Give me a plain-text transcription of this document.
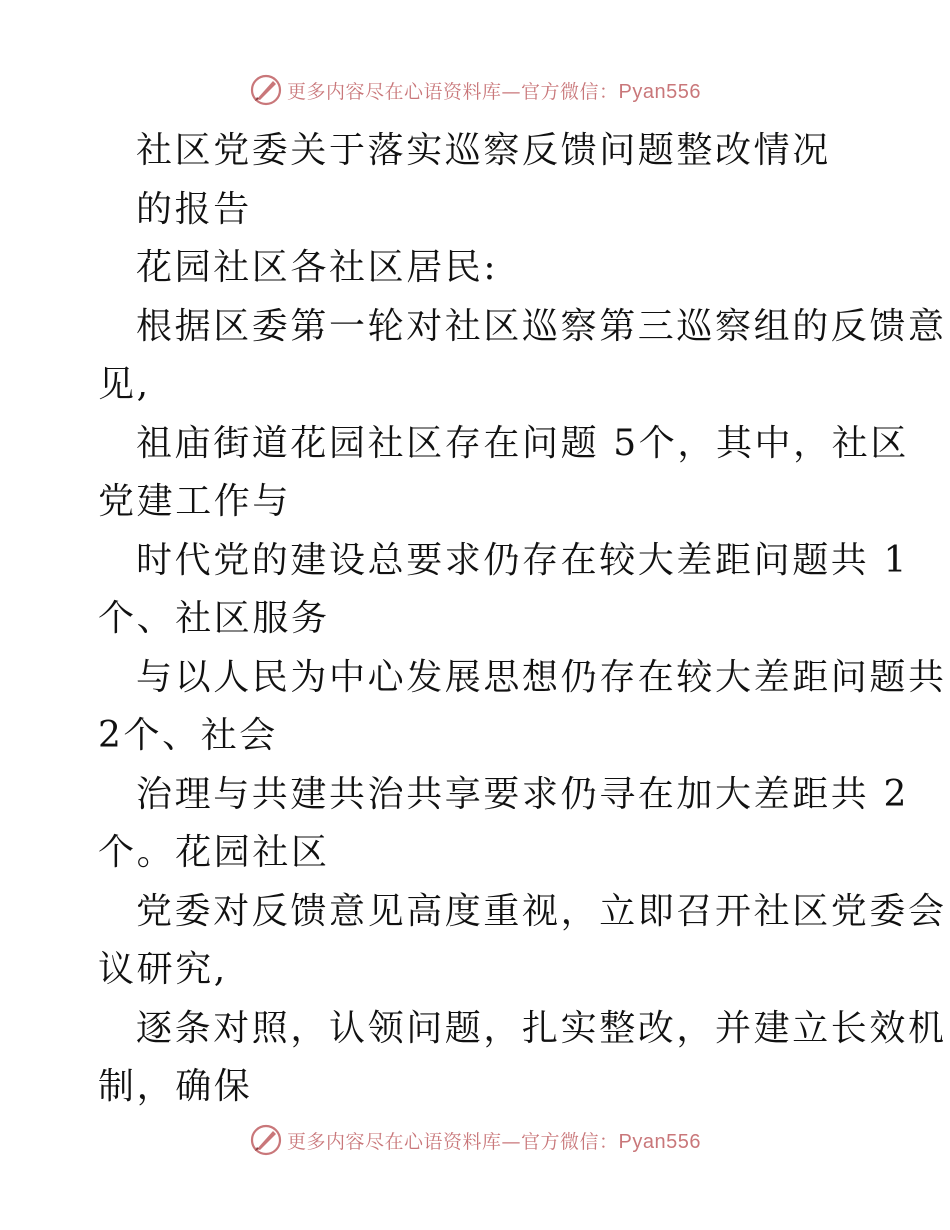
更多内容尽在心语资料库—官方微信：Pyan556
社区党委关于落实巡察反馈问题整改情况
的报告
花园社区各社区居民:
根据区委第一轮对社区巡察第三巡察组的反馈意
见,
祖庙街道花园社区存在问题 5个，其中，社区
党建工作与
时代党的建设总要求仍存在较大差距问题共 1
个、社区服务
与以人民为中心发展思想仍存在较大差距问题共
2个、社会
治理与共建共治共享要求仍寻在加大差距共 2
个。花园社区
党委对反馈意见高度重视，立即召开社区党委会
议研究,
逐条对照，认领问题，扎实整改，并建立长效机
制，确保
更多内容尽在心语资料库—官方微信：Pyan556
